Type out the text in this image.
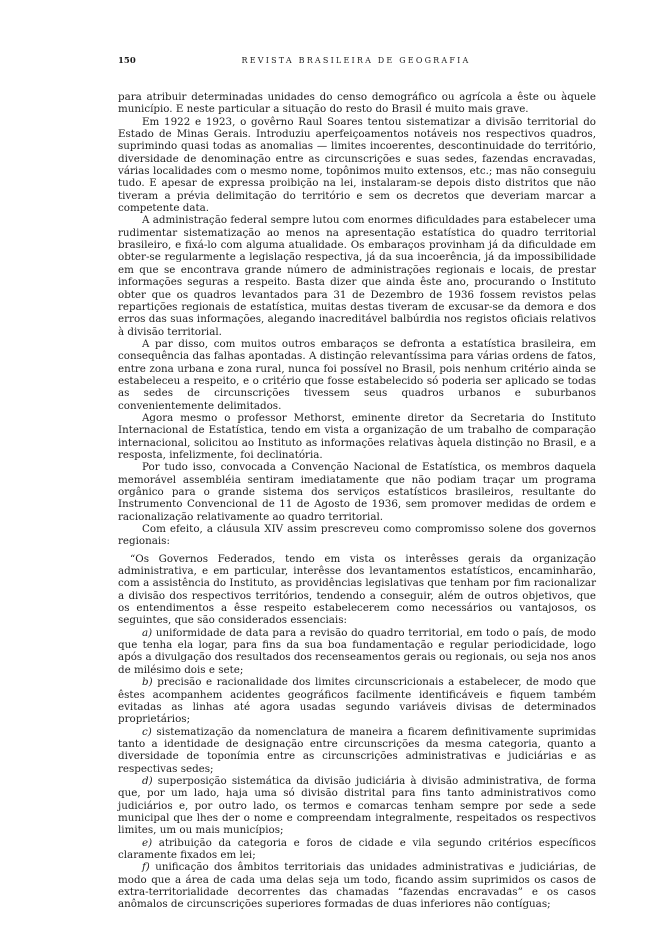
150	REVISTA BRASILEIRA DE GEOGRAFIA

para atribuir determinadas unidades do censo demográfico ou agrícola a êste ou àquele município. E neste particular a situação do resto do Brasil é muito mais grave.

Em 1922 e 1923, o govêrno Raul Soares tentou sistematizar a divisão territorial do Estado de Minas Gerais. Introduziu aperfeiçoamentos notáveis nos respectivos quadros, suprimindo quasi todas as anomalias — limites incoerentes, descontinuidade do território, diversidade de denominação entre as circunscrições e suas sedes, fazendas encravadas, várias localidades com o mesmo nome, topônimos muito extensos, etc.; mas não conseguiu tudo. E apesar de expressa proibição na lei, instalaram-se depois disto distritos que não tiveram a prévia delimitação do território e sem os decretos que deveriam marcar a competente data.

A administração federal sempre lutou com enormes dificuldades para estabelecer uma rudimentar sistematização ao menos na apresentação estatística do quadro territorial brasileiro, e fixá-lo com alguma atualidade. Os embaraços provinham já da dificuldade em obter-se regularmente a legislação respectiva, já da sua incoerência, já da impossibilidade em que se encontrava grande número de administrações regionais e locais, de prestar informações seguras a respeito. Basta dizer que ainda êste ano, procurando o Instituto obter que os quadros levantados para 31 de Dezembro de 1936 fossem revistos pelas repartições regionais de estatística, muitas destas tiveram de excusar-se da demora e dos erros das suas informações, alegando inacreditável balbúrdia nos registos oficiais relativos à divisão territorial.

A par disso, com muitos outros embaraços se defronta a estatística brasileira, em consequência das falhas apontadas. A distinção relevantíssima para várias ordens de fatos, entre zona urbana e zona rural, nunca foi possível no Brasil, pois nenhum critério ainda se estabeleceu a respeito, e o critério que fosse estabelecido só poderia ser aplicado se todas as sedes de circunscrições tivessem seus quadros urbanos e suburbanos convenientemente delimitados.

Agora mesmo o professor Methorst, eminente diretor da Secretaria do Instituto Internacional de Estatística, tendo em vista a organização de um trabalho de comparação internacional, solicitou ao Instituto as informações relativas àquela distinção no Brasil, e a resposta, infelizmente, foi declinatória.

Por tudo isso, convocada a Convenção Nacional de Estatística, os membros daquela memorável assembléia sentiram imediatamente que não podiam traçar um programa orgânico para o grande sistema dos serviços estatísticos brasileiros, resultante do Instrumento Convencional de 11 de Agosto de 1936, sem promover medidas de ordem e racionalização relativamente ao quadro territorial.

Com efeito, a cláusula XIV assim prescreveu como compromisso solene dos governos regionais:

“Os Governos Federados, tendo em vista os interêsses gerais da organização administrativa, e em particular, interêsse dos levantamentos estatísticos, encaminharão, com a assistência do Instituto, as providências legislativas que tenham por fim racionalizar a divisão dos respectivos territórios, tendendo a conseguir, além de outros objetivos, que os entendimentos a êsse respeito estabelecerem como necessários ou vantajosos, os seguintes, que são considerados essenciais:

a) uniformidade de data para a revisão do quadro territorial, em todo o país, de modo que tenha ela logar, para fins da sua boa fundamentação e regular periodicidade, logo após a divulgação dos resultados dos recenseamentos gerais ou regionais, ou seja nos anos de milésimo dois e sete;

b) precisão e racionalidade dos limites circunscricionais a estabelecer, de modo que êstes acompanhem acidentes geográficos facilmente identificáveis e fiquem também evitadas as linhas até agora usadas segundo variáveis divisas de determinados proprietários;

c) sistematização da nomenclatura de maneira a ficarem definitivamente suprimidas tanto a identidade de designação entre circunscrições da mesma categoria, quanto a diversidade de toponímia entre as circunscrições administrativas e judiciárias e as respectivas sedes;

d) superposição sistemática da divisão judiciária à divisão administrativa, de forma que, por um lado, haja uma só divisão distrital para fins tanto administrativos como judiciários e, por outro lado, os termos e comarcas tenham sempre por sede a sede municipal que lhes der o nome e compreendam integralmente, respeitados os respectivos limites, um ou mais municípios;

e) atribuição da categoria e foros de cidade e vila segundo critérios específicos claramente fixados em lei;

f) unificação dos âmbitos territoriais das unidades administrativas e judiciárias, de modo que a área de cada uma delas seja um todo, ficando assim suprimidos os casos de extra-territorialidade decorrentes das chamadas “fazendas encravadas” e os casos anômalos de circunscrições superiores formadas de duas inferiores não contíguas;
